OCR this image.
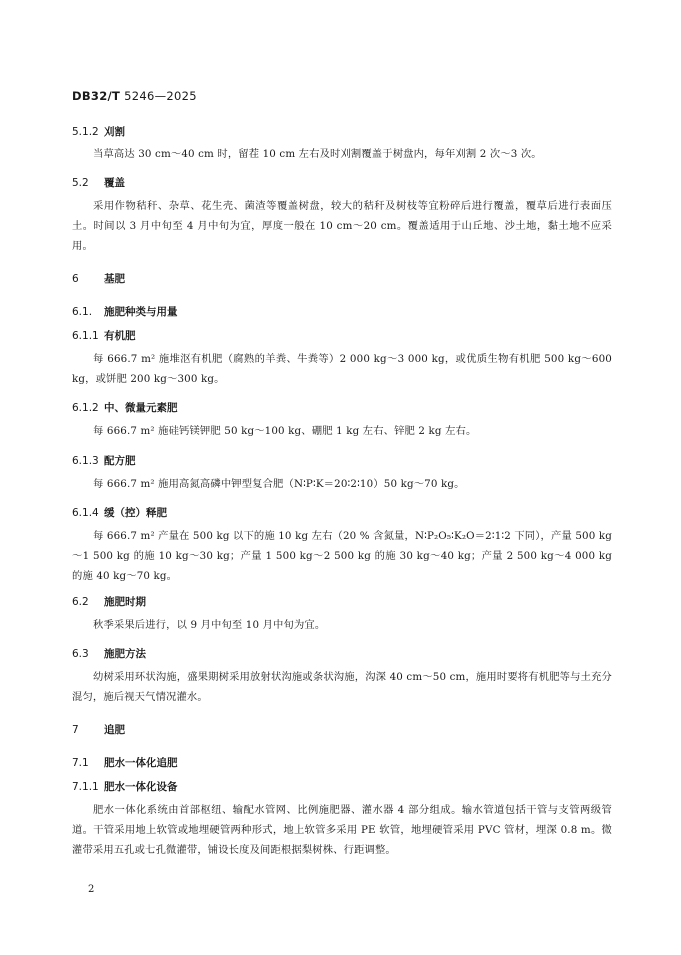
DB32/T 5246—2025
5.1.2 刈割
当草高达 30 cm～40 cm 时，留茬 10 cm 左右及时刈割覆盖于树盘内，每年刈割 2 次～3 次。
5.2 覆盖
采用作物秸秆、杂草、花生壳、菌渣等覆盖树盘，较大的秸秆及树枝等宜粉碎后进行覆盖，覆草后进行表面压土。时间以 3 月中旬至 4 月中旬为宜，厚度一般在 10 cm～20 cm。覆盖适用于山丘地、沙土地，黏土地不应采用。
6 基肥
6.1. 施肥种类与用量
6.1.1 有机肥
每 666.7 m² 施堆沤有机肥（腐熟的羊粪、牛粪等）2 000 kg～3 000 kg，或优质生物有机肥 500 kg～600 kg，或饼肥 200 kg～300 kg。
6.1.2 中、微量元素肥
每 666.7 m² 施硅钙镁钾肥 50 kg～100 kg、硼肥 1 kg 左右、锌肥 2 kg 左右。
6.1.3 配方肥
每 666.7 m² 施用高氮高磷中钾型复合肥（N∶P∶K＝20∶2∶10）50 kg～70 kg。
6.1.4 缓（控）释肥
每 666.7 m² 产量在 500 kg 以下的施 10 kg 左右（20 % 含氮量，N∶P₂O₅∶K₂O＝2∶1∶2 下同），产量 500 kg～1 500 kg 的施 10 kg～30 kg；产量 1 500 kg～2 500 kg 的施 30 kg～40 kg；产量 2 500 kg～4 000 kg 的施 40 kg～70 kg。
6.2 施肥时期
秋季采果后进行，以 9 月中旬至 10 月中旬为宜。
6.3 施肥方法
幼树采用环状沟施，盛果期树采用放射状沟施或条状沟施，沟深 40 cm～50 cm，施用时要将有机肥等与土充分混匀，施后视天气情况灌水。
7 追肥
7.1 肥水一体化追肥
7.1.1 肥水一体化设备
肥水一体化系统由首部枢纽、输配水管网、比例施肥器、灌水器 4 部分组成。输水管道包括干管与支管两级管道。干管采用地上软管或地埋硬管两种形式，地上软管多采用 PE 软管，地埋硬管采用 PVC 管材，埋深 0.8 m。微灌带采用五孔或七孔微灌带，铺设长度及间距根据梨树株、行距调整。
2
